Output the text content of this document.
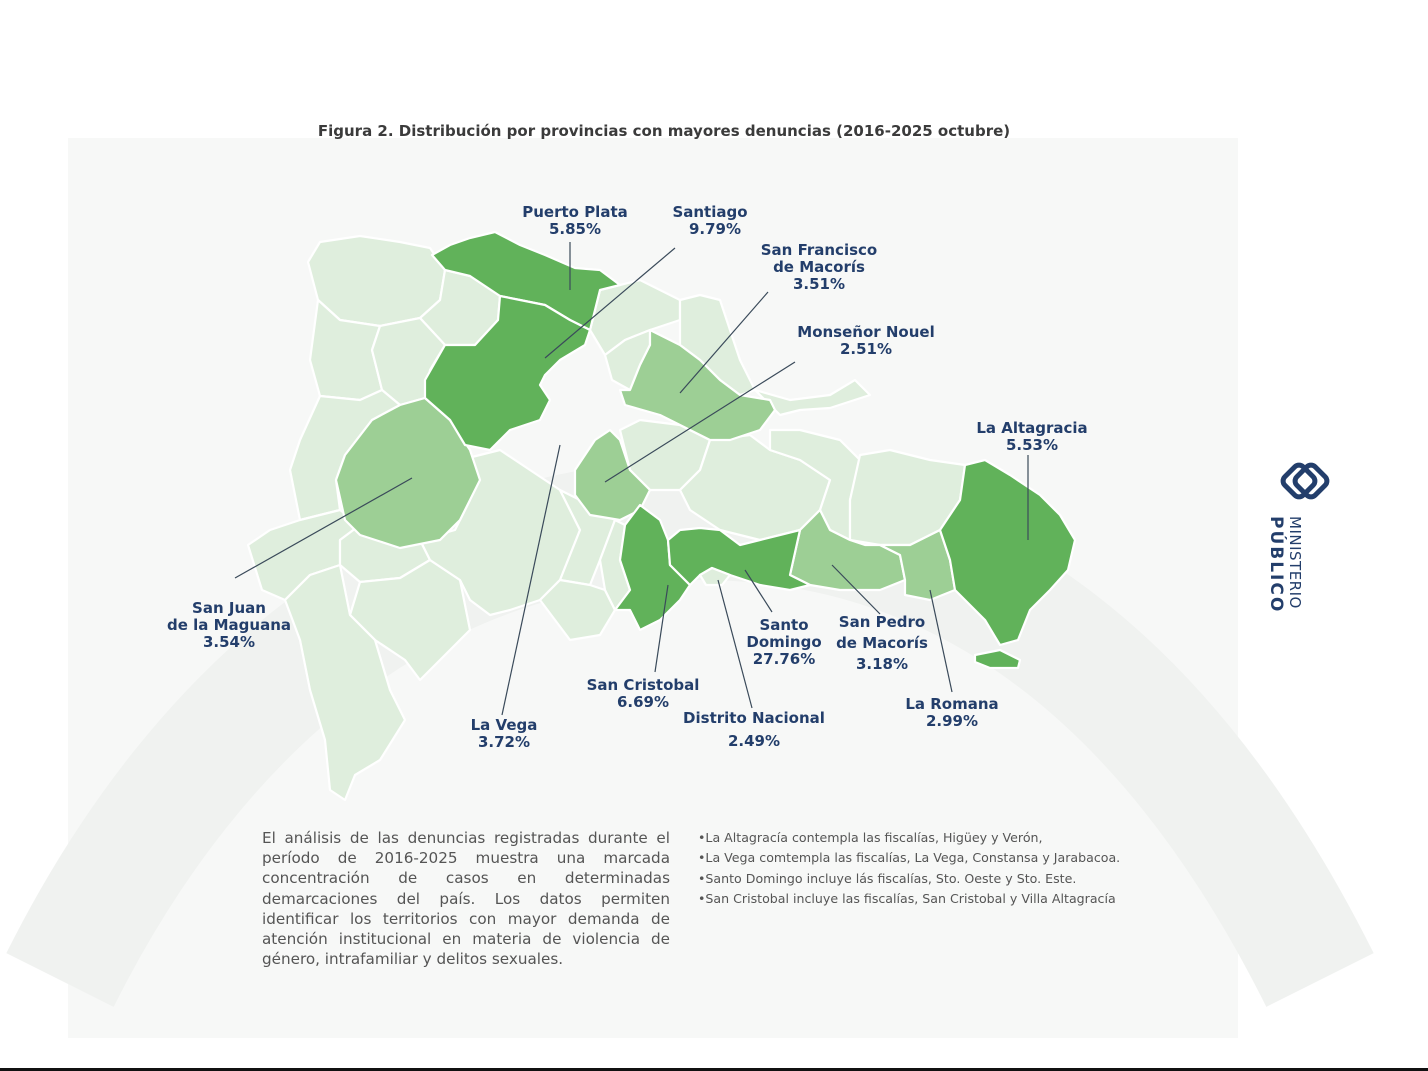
Figura 2. Distribución por provincias con mayores denuncias (2016-2025 octubre)
Puerto Plata
5.85%
Santiago
9.79%
San Francisco
de Macorís
3.51%
Monseñor Nouel
2.51%
La Altagracia
5.53%
San Juan
de la Maguana
3.54%
La Vega
3.72%
San Cristobal
6.69%
Distrito Nacional
2.49%
Santo
Domingo
27.76%
San Pedro
de Macorís
3.18%
La Romana
2.99%
MINISTERIO
PÚBLICO
El análisis de las denuncias registradas durante el período de 2016-2025 muestra una marcada concentración de casos en determinadas demarcaciones del país. Los datos permiten identificar los territorios con mayor demanda de atención institucional en materia de violencia de género, intrafamiliar y delitos sexuales.
•La Altagracía contempla las fiscalías, Higüey y Verón,
•La Vega comtempla las fiscalías, La Vega, Constansa y Jarabacoa.
•Santo Domingo incluye lás fiscalías, Sto. Oeste y Sto. Este.
•San Cristobal incluye las fiscalías, San Cristobal y Villa Altagracía
